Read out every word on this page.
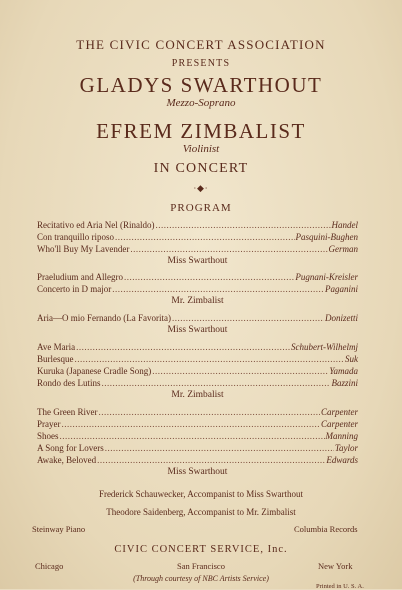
THE CIVIC CONCERT ASSOCIATION
PRESENTS
GLADYS SWARTHOUT
Mezzo-Soprano
EFREM ZIMBALIST
Violinist
IN CONCERT
∙◆∙
PROGRAM
Recitativo ed Aria Nel (Rinaldo) .....	Handel
Con tranquillo riposo .....	Pasquini-Bughen
Who'll Buy My Lavender .....	German
Miss Swarthout
Praeludium and Allegro .....	Pugnani-Kreisler
Concerto in D major .....	Paganini
Mr. Zimbalist
Aria—O mio Fernando (La Favorita) .....	Donizetti
Miss Swarthout
Ave Maria .....	Schubert-Wilhelmj
Burlesque .....	Suk
Kuruka (Japanese Cradle Song) .....	Yamada
Rondo des Lutins .....	Bazzini
Mr. Zimbalist
The Green River .....	Carpenter
Prayer .....	Carpenter
Shoes .....	Manning
A Song for Lovers .....	Taylor
Awake, Beloved .....	Edwards
Miss Swarthout
Frederick Schauwecker, Accompanist to Miss Swarthout
Theodore Saidenberg, Accompanist to Mr. Zimbalist
Steinway Piano	Columbia Records
CIVIC CONCERT SERVICE, Inc.
Chicago	San Francisco	New York
(Through courtesy of NBC Artists Service)
Printed in U. S. A.
